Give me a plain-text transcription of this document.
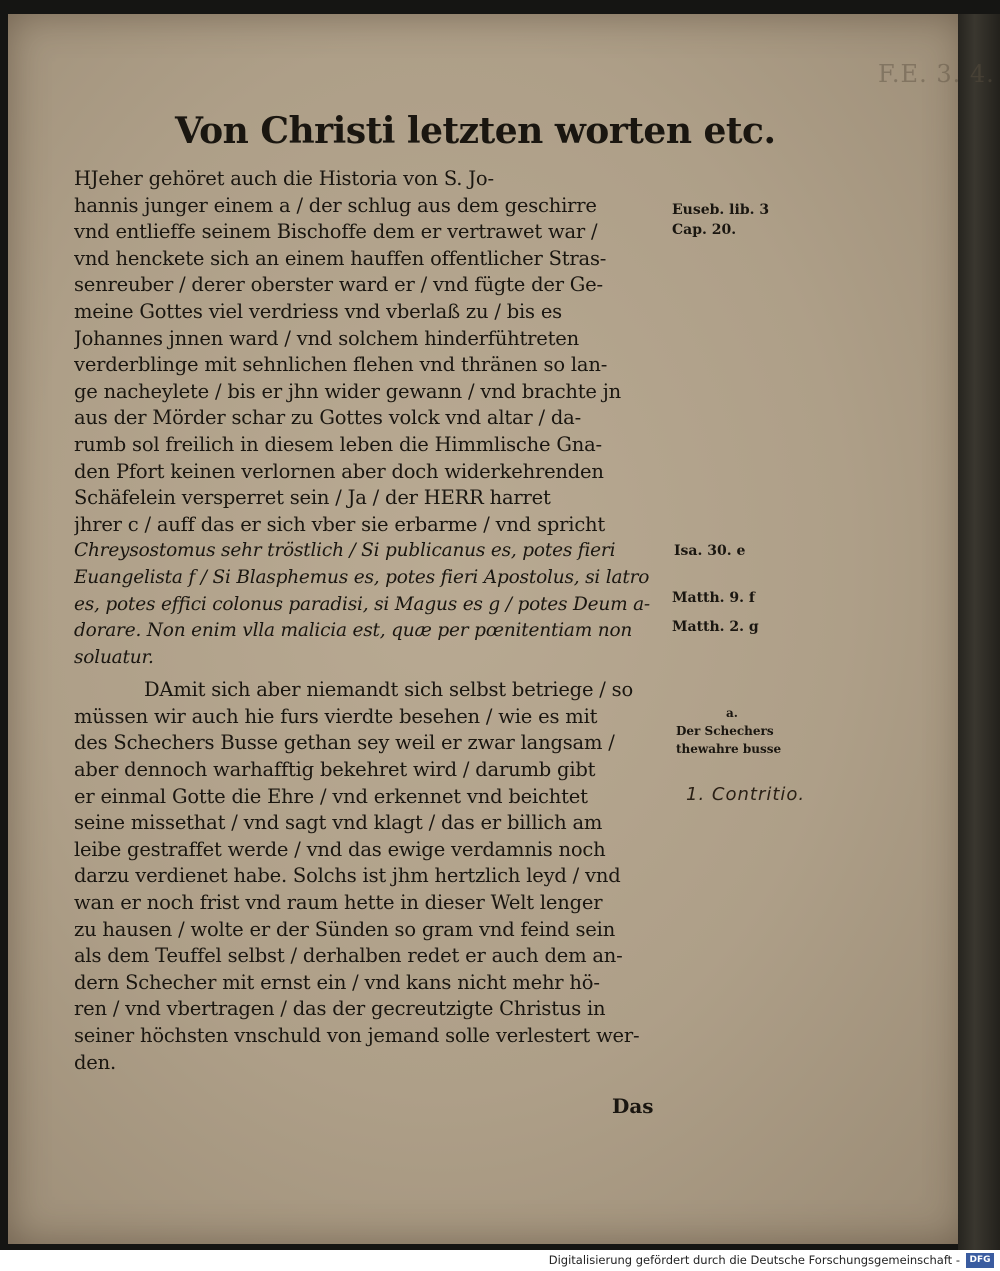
F.E. 3. 4.
Von Christi letzten worten etc.
HJeher gehöret auch die Historia von S. Jo-
hannis junger einem a / der schlug aus dem geschirre
vnd entlieffe seinem Bischoffe dem er vertrawet war /
vnd henckete sich an einem hauffen offentlicher Stras-
senreuber / derer oberster ward er / vnd fügte der Ge-
meine Gottes viel verdriess vnd vberlaß zu / bis es
Johannes jnnen ward / vnd solchem hinderfühtreten
verderblinge mit sehnlichen flehen vnd thränen so lan-
ge nacheylete / bis er jhn wider gewann / vnd brachte jn
aus der Mörder schar zu Gottes volck vnd altar / da-
rumb sol freilich in diesem leben die Himmlische Gna-
den Pfort keinen verlornen aber doch widerkehrenden
Schäfelein versperret sein / Ja / der HERR harret
jhrer c / auff das er sich vber sie erbarme / vnd spricht
Chreysostomus sehr tröstlich / Si publicanus es, potes fieri
Euangelista f / Si Blasphemus es, potes fieri Apostolus, si latro
es, potes effici colonus paradisi, si Magus es g / potes Deum a-
dorare. Non enim vlla malicia est, quæ per pœnitentiam non
soluatur.
DAmit sich aber niemandt sich selbst betriege / so
müssen wir auch hie furs vierdte besehen / wie es mit
des Schechers Busse gethan sey weil er zwar langsam /
aber dennoch warhafftig bekehret wird / darumb gibt
er einmal Gotte die Ehre / vnd erkennet vnd beichtet
seine missethat / vnd sagt vnd klagt / das er billich am
leibe gestraffet werde / vnd das ewige verdamnis noch
darzu verdienet habe. Solchs ist jhm hertzlich leyd / vnd
wan er noch frist vnd raum hette in dieser Welt lenger
zu hausen / wolte er der Sünden so gram vnd feind sein
als dem Teuffel selbst / derhalben redet er auch dem an-
dern Schecher mit ernst ein / vnd kans nicht mehr hö-
ren / vnd vbertragen / das der gecreutzigte Christus in
seiner höchsten vnschuld von jemand solle verlestert wer-
den.
Das
Euseb. lib. 3
Cap. 20.
Isa. 30. e
Matth. 9. f
Matth. 2. g
a.
Der Schechers
thewahre busse
1. Contritio.
Digitalisierung gefördert durch die Deutsche Forschungsgemeinschaft -	DFG
